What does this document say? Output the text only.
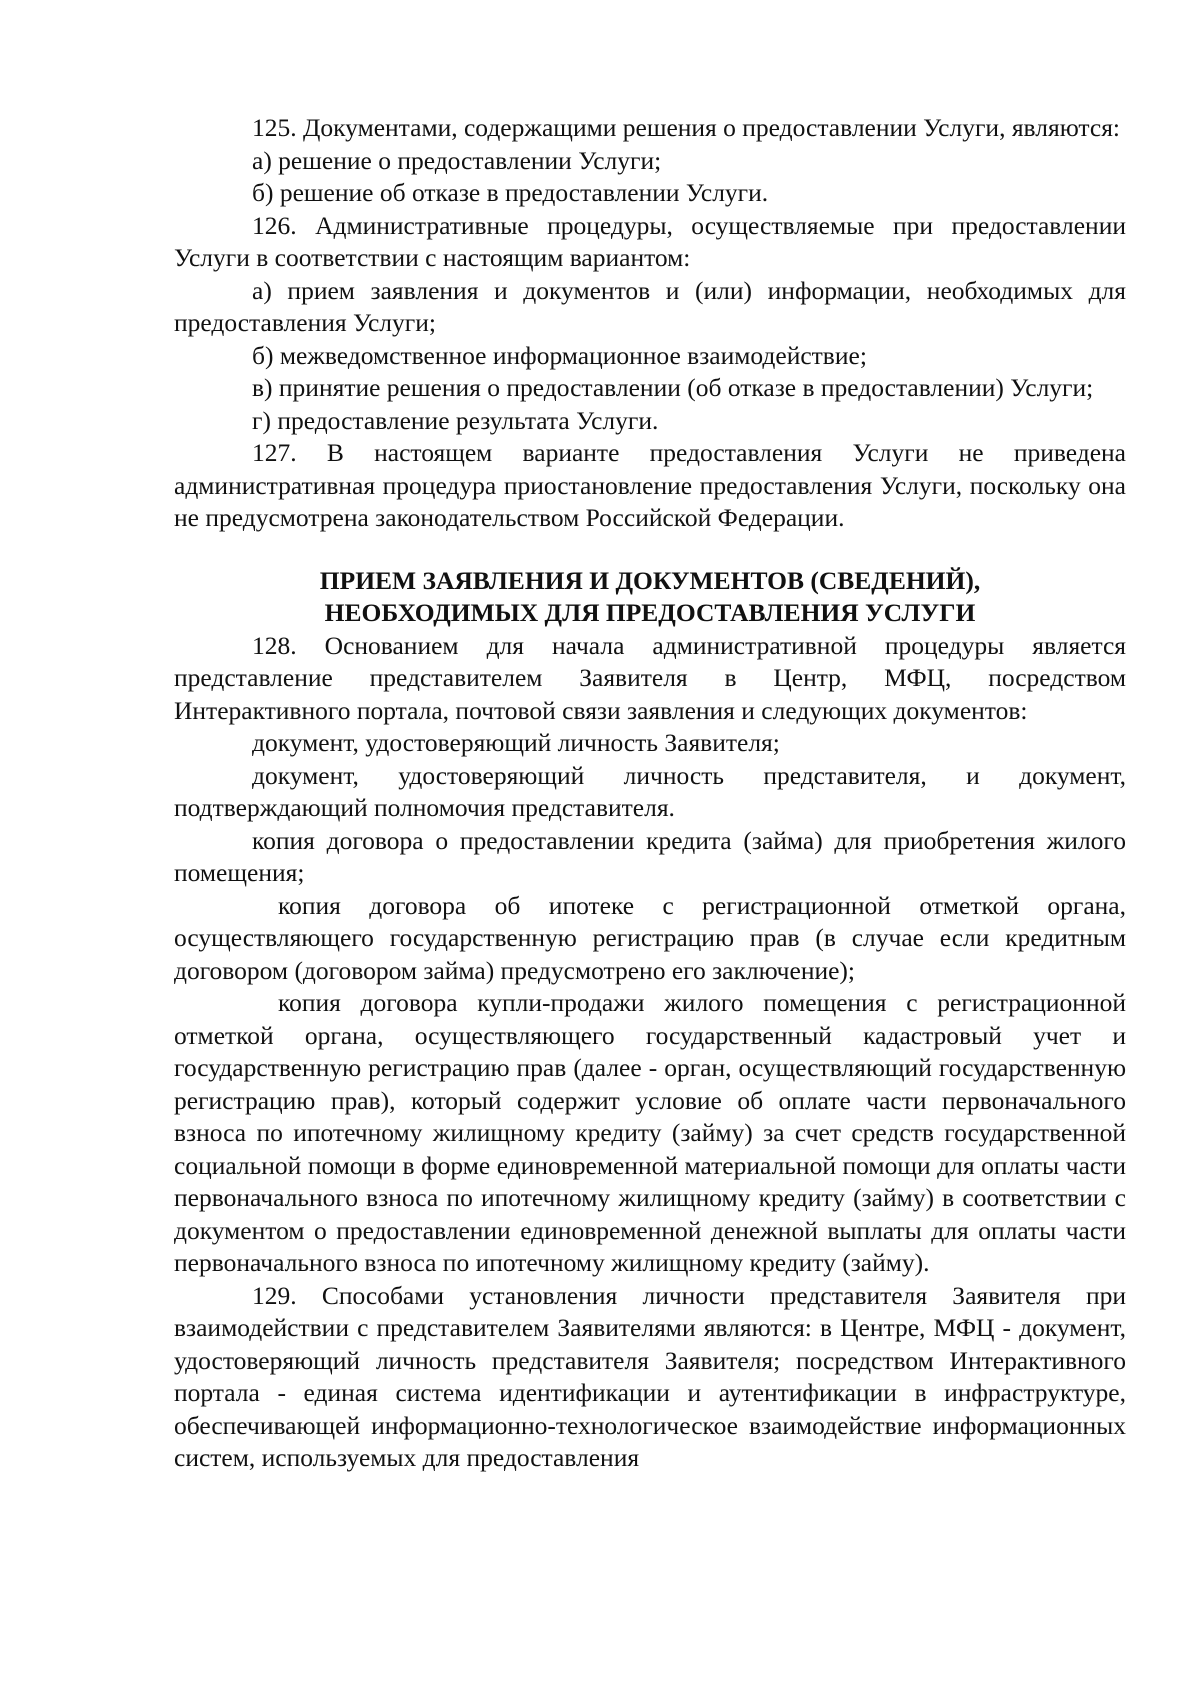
125. Документами, содержащими решения о предоставлении Услуги, являются:

а) решение о предоставлении Услуги;

б) решение об отказе в предоставлении Услуги.

126. Административные процедуры, осуществляемые при предоставлении Услуги в соответствии с настоящим вариантом:

а) прием заявления и документов и (или) информации, необходимых для предоставления Услуги;

б) межведомственное информационное взаимодействие;

в) принятие решения о предоставлении (об отказе в предоставлении) Услуги;

г) предоставление результата Услуги.

127. В настоящем варианте предоставления Услуги не приведена административная процедура приостановление предоставления Услуги, поскольку она не предусмотрена законодательством Российской Федерации.

ПРИЕМ ЗАЯВЛЕНИЯ И ДОКУМЕНТОВ (СВЕДЕНИЙ),
НЕОБХОДИМЫХ ДЛЯ ПРЕДОСТАВЛЕНИЯ УСЛУГИ

128. Основанием для начала административной процедуры является представление представителем Заявителя в Центр, МФЦ, посредством Интерактивного портала, почтовой связи заявления и следующих документов:

документ, удостоверяющий личность Заявителя;

документ, удостоверяющий личность представителя, и документ, подтверждающий полномочия представителя.

копия договора о предоставлении кредита (займа) для приобретения жилого помещения;

копия договора об ипотеке с регистрационной отметкой органа, осуществляющего государственную регистрацию прав (в случае если кредитным договором (договором займа) предусмотрено его заключение);

копия договора купли-продажи жилого помещения с регистрационной отметкой органа, осуществляющего государственный кадастровый учет и государственную регистрацию прав (далее - орган, осуществляющий государственную регистрацию прав), который содержит условие об оплате части первоначального взноса по ипотечному жилищному кредиту (займу) за счет средств государственной социальной помощи в форме единовременной материальной помощи для оплаты части первоначального взноса по ипотечному жилищному кредиту (займу) в соответствии с документом о предоставлении единовременной денежной выплаты для оплаты части первоначального взноса по ипотечному жилищному кредиту (займу).

129. Способами установления личности представителя Заявителя при взаимодействии с представителем Заявителями являются: в Центре, МФЦ - документ, удостоверяющий личность представителя Заявителя; посредством Интерактивного портала - единая система идентификации и аутентификации в инфраструктуре, обеспечивающей информационно-технологическое взаимодействие информационных систем, используемых для предоставления
